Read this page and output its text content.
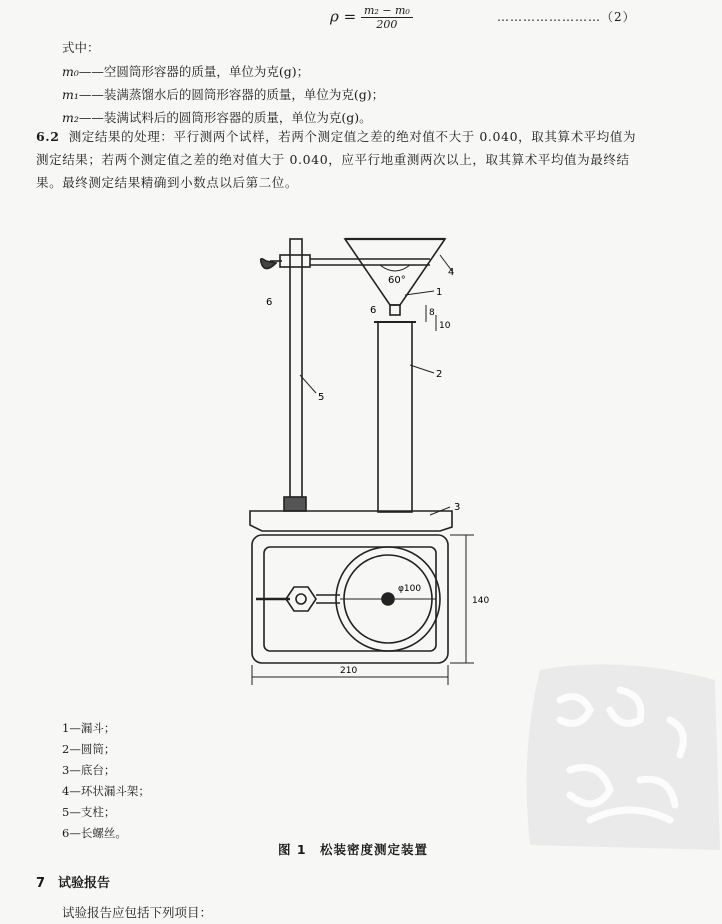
$\rho = \frac{\text{m₂ − m₀}}{200}$	……………………（2）
式中：
m₀——空圆筒形容器的质量，单位为克(g)；
m₁——装满蒸馏水后的圆筒形容器的质量，单位为克(g)；
m₂——装满试料后的圆筒形容器的质量，单位为克(g)。
6.2 测定结果的处理：平行测两个试样，若两个测定值之差的绝对值不大于 0.040，取其算术平均值为
测定结果；若两个测定值之差的绝对值大于 0.040，应平行地重测两次以上，取其算术平均值为最终结
果。最终测定结果精确到小数点以后第二位。
60°
8
10
4
1
2
3
5
6
6
φ100
140
210
1—漏斗；
2—圆筒；
3—底台；
4—环状漏斗架；
5—支柱；
6—长螺丝。
图 1　松装密度测定装置
7　试验报告
试验报告应包括下列项目：
